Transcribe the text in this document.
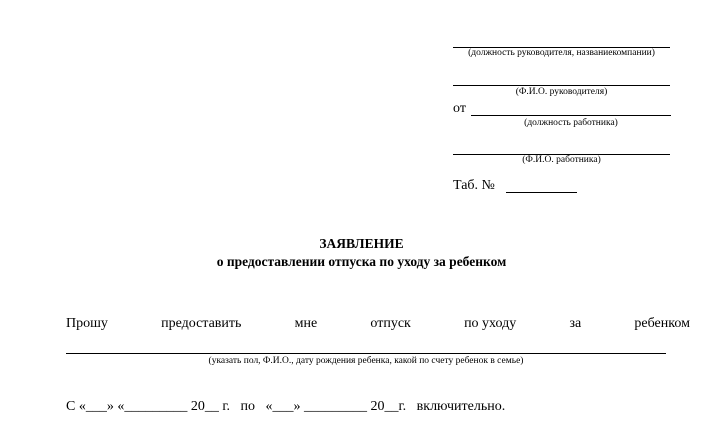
(должность руководителя, названиекомпании)
(Ф.И.О. руководителя)
от
(должность работника)
(Ф.И.О. работника)
Таб. №
ЗАЯВЛЕНИЕ
о предоставлении отпуска по уходу за ребенком
Прошу	предоставить	мне	отпуск	по уходу	за	ребенком
(указать пол, Ф.И.О., дату рождения ребенка, какой по счету ребенок в семье)
С «___» «_________ 20__ г.   по   «___» _________ 20__г.   включительно.
